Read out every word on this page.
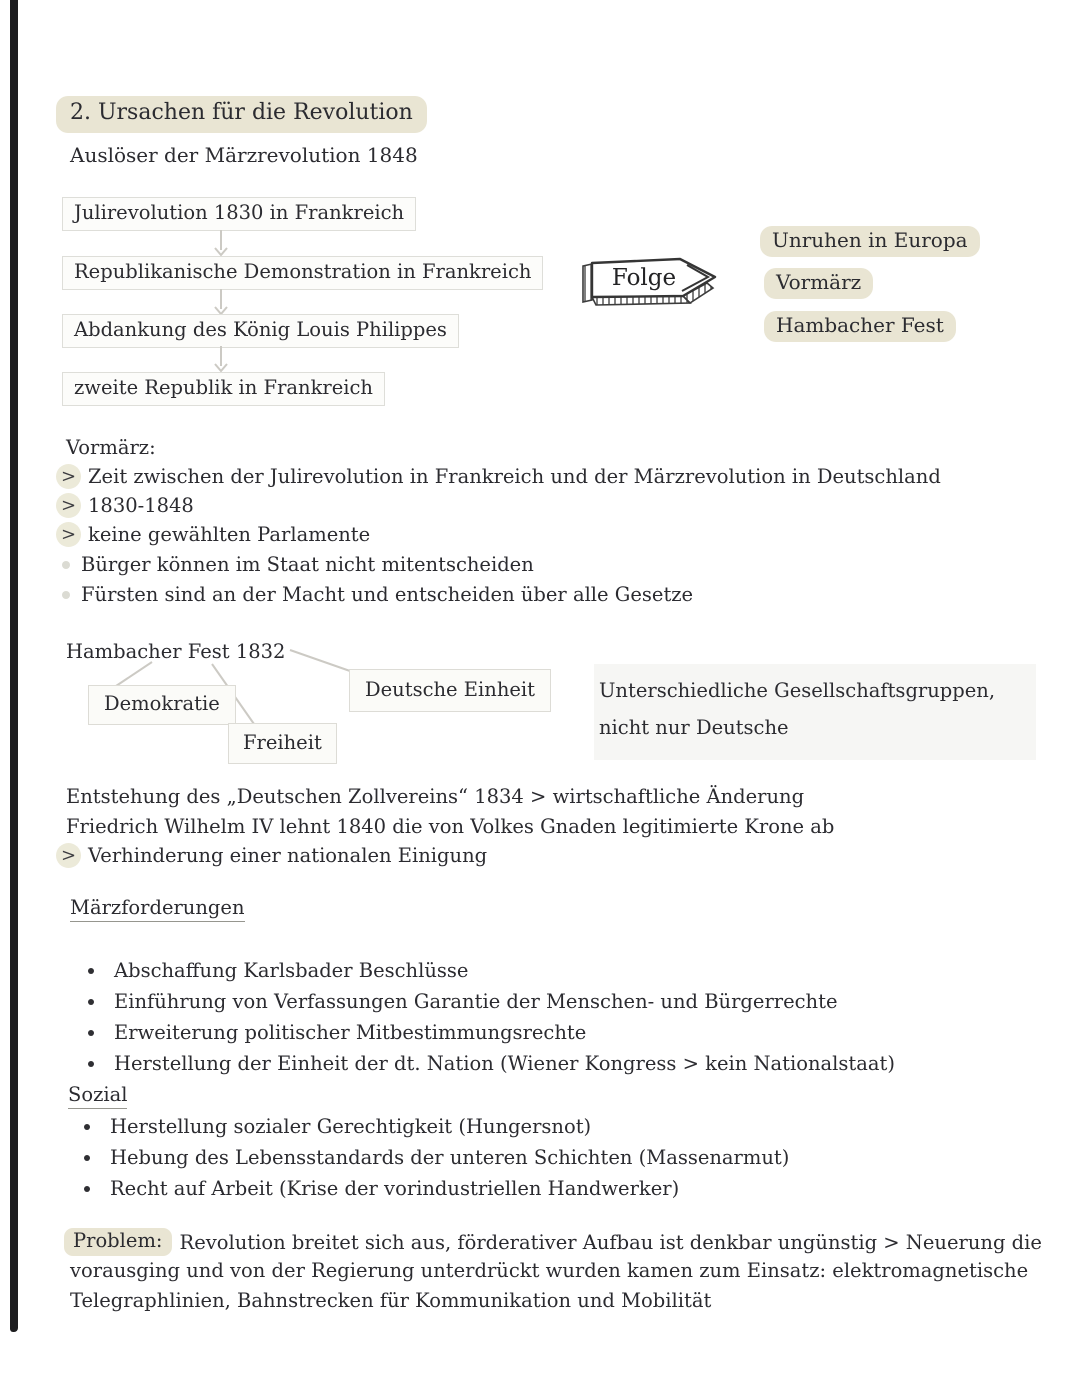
2. Ursachen für die Revolution
Auslöser der Märzrevolution 1848
Julirevolution 1830 in Frankreich
Republikanische Demonstration in Frankreich
Abdankung des König Louis Philippes
zweite Republik in Frankreich
Folge
Unruhen in Europa
Vormärz
Hambacher Fest
Vormärz:
> Zeit zwischen der Julirevolution in Frankreich und der Märzrevolution in Deutschland
> 1830-1848
> keine gewählten Parlamente
Bürger können im Staat nicht mitentscheiden
Fürsten sind an der Macht und entscheiden über alle Gesetze
Hambacher Fest 1832
Demokratie
Freiheit
Deutsche Einheit	Unterschiedliche Gesellschaftsgruppen,
nicht nur Deutsche
Entstehung des „Deutschen Zollvereins“ 1834 > wirtschaftliche Änderung
Friedrich Wilhelm IV lehnt 1840 die von Volkes Gnaden legitimierte Krone ab
> Verhinderung einer nationalen Einigung
Märzforderungen
Abschaffung Karlsbader Beschlüsse
Einführung von Verfassungen Garantie der Menschen- und Bürgerrechte
Erweiterung politischer Mitbestimmungsrechte
Herstellung der Einheit der dt. Nation (Wiener Kongress > kein Nationalstaat)
Sozial
Herstellung sozialer Gerechtigkeit (Hungersnot)
Hebung des Lebensstandards der unteren Schichten (Massenarmut)
Recht auf Arbeit (Krise der vorindustriellen Handwerker)
Problem: Revolution breitet sich aus, förderativer Aufbau ist denkbar ungünstig > Neuerung die
vorausging und von der Regierung unterdrückt wurden kamen zum Einsatz: elektromagnetische
Telegraphlinien, Bahnstrecken für Kommunikation und Mobilität
